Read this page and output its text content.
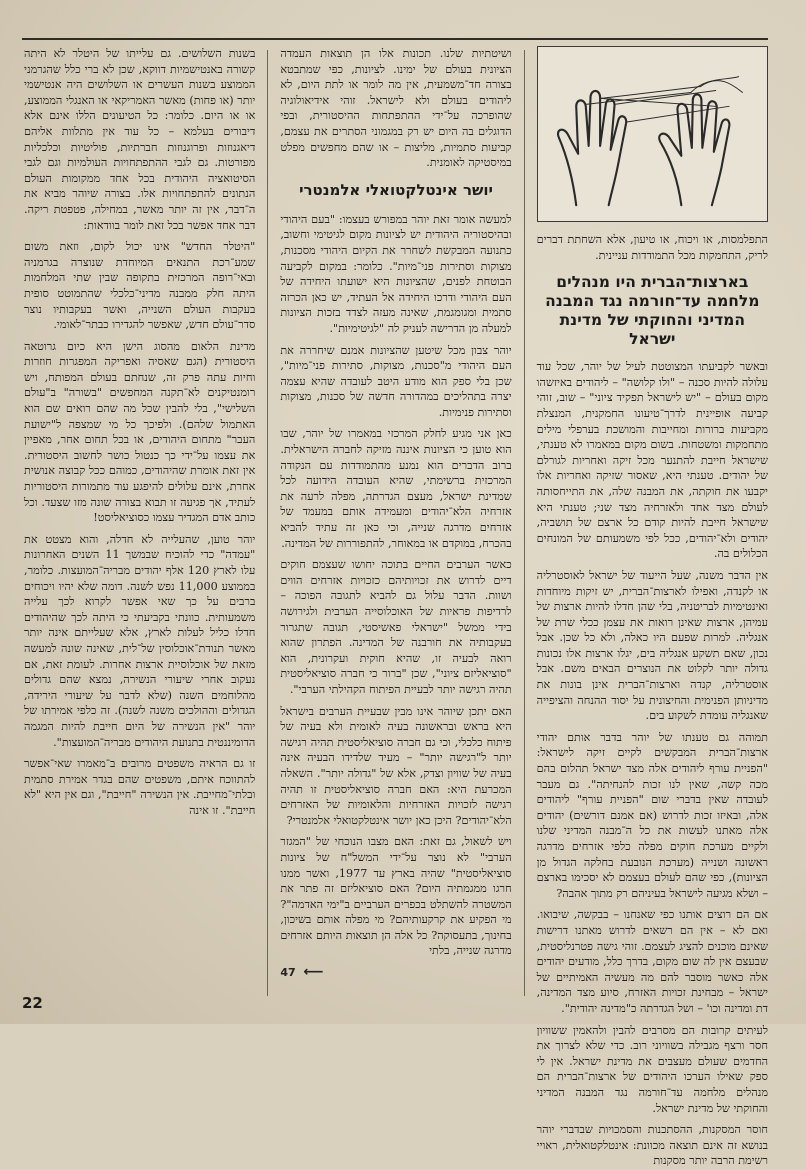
התפלמסות, או ויכוח, או טיעון, אלא השחתת דברים לריק, התחמקות מכל התמודדות עניינית.

בארצות־הברית היו מנהלים מלחמה עד־חורמה נגד המבנה המדיני והחוקתי של מדינת ישראל

ובאשר לקביעתו המצוטטת לעיל של יוהר, שכל עוד עלולה להיות סכנה – "ולו קלושה" – ליהודים באיזשהו מקום בעולם – "יש לישראל תפקיד ציוני" – שוב, זוהי קביעה אופיינית לדרך־טיעונו החמקנית, המנצלת מקביעות ברורות ומחייבות והמושכת בערפלי מילים מתחמקות ומשטחות. בשום מקום במאמרו לא טענתי, שישראל חייבת להתנער מכל זיקה ואחריות לגורלם של יהודים. טענתי היא, שאסור שזיקה ואחריות אלו יקבעו את חוקתה, את המבנה שלה, את התייחסותה לעולם מצד אחד ולאזרחיה מצד שני; טענתי היא שישראל חייבת להיות קודם כל ארצם של תושביה, יהודים ולא־יהודים, ככל לפי משמעותם של המונחים הכלולים בה.

אין הדבר משנה, שעל הייעוד של ישראל לאוסטרליה או לקנדה, ואפילו לארצות־הברית, יש זיקות מיוחדות ואינטימיות לבריטניה, בלי שהן חדלו להיות ארצות של עמיהן, ארצות שאינן רואות את עצמן ככלי שרת של אנגליה. למרות שפעם היו כאלה, ולא כל שכן. אבל נכון, שאם תשקע אנגליה בים, יגלו ארצות אלו נכונות גדולה יותר לקלוט את הנוצרים הבאים משם. אבל אוסטרליה, קנדה וארצות־הברית אינן בונות את מדיניותן הפנימית והחיצונית על יסוד ההנחה והציפייה שאנגליה עומדת לשקוע בים.

תמוהה גם טענתו של יוהר בדבר אותם יהודי ארצות־הברית המבקשים לקיים זיקה לישראל: "הפניית עורף ליהודים אלה מצד ישראל תהלום בהם מכה קשה, שאין לנו זכות להנחיתה". גם מעבר לעובדה שאין בדברי שום "הפניית עורף" ליהודים אלה, ובאיזו זכות לדרוש (אם אמנם דורשים) יהודים אלה מאתנו לעשות את כל ה־מבנה המדיני שלנו ולקיים מערכת חוקים מפלה כלפי אזרחים מדרגה ראשונה ושנייה (מערכת הנובעת בחלקה הגדול מן הציונות), כפי שהם לעולם בעצמם לא יסכימו בארצם – ושלא מגיעה לישראל בעיניהם רק מתוך אהבה?

אם הם רוצים אותנו כפי שאנחנו – בבקשה, שיבואו. ואם לא – אין הם רשאים לדרוש מאתנו דרישות שאינם מוכנים להציג לעצמם. זוהי גישה פטרנליסטית, שבעצם אין לה שום מקום, בדרך כלל, מודעים יהודים אלה כאשר מוסבר להם מה מעשיה האמיתיים של ישראל – מבחינת זכויות האזרח, סיוע מצד המדינה, דת ומדינה וכו' – ושל הגדרתה כ"מדינה יהודית".

לעיתים קרובות הם מסרבים להבין ולהאמין ששוויון חסר ורצף מגבילה בשוויוני רוב. כדי שלא לצרוך את החדמים שעולם מעצבים את מדינת ישראל. אין לי ספק שאילו הערכו היהודים של ארצות־הברית הם מנהלים מלחמה עד־חורמה נגד המבנה המדיני והחוקתי של מדינת ישראל.

חוסר המסקנות, ההסתכנות והסמכויות שבדברי יוהר בנושא זה אינם תוצאה מכוונת: אינטלקטואלית, ראויי רשימת הרבה יותר מסקנות

ושיטתיות שלנו. תכונות אלו הן תוצאות העמדה הציונית בעולם של ימינו. לציונות, כפי שמתבטא בצורה חד־משמעית, אין מה לומר או לתת היום, לא ליהודים בעולם ולא לישראל. זוהי אידיאולוגיה שהופרכה על־ידי ההתפתחות ההיסטורית, ובפי הדוגלים בה היום יש רק במגמוני הסתרים את עצמם, קביעות סתמיות, מליצות – או שהם מחפשים מפלט במיסטיקה לאומנית.

יושר אינטלקטואלי אלמנטרי

למעשה אומר זאת יוהר במפורש בעצמו: "בעם היהודי ובהיסטוריה היהודית יש לציונות מקום לגיטימי וחשוב, כתנועה המבקשת לשחרר את הקיום היהודי מסכנות, מצוקות וסתירות פני־מיות". כלומר: במקום לקביעה הבוטחת לפנים, שהציונות היא ישועתו היחידה של העם היהודי ודרכו היחידה אל העתיד, יש כאן הכרזה סתמית ומגומגמת, שאינה מעזה לצדד בזכות הציונות למעלה מן הדרישה לעניק לה "לגיטימיות".

יוהר צבון מכל שיטען שהציונות אמנם שיחררה את העם היהודי מ"סכנות, מצוקות, סתירות פני־מיות", שכן בלי ספק הוא מודע היטב לעובדה שהיא עצמה יצרה בתהליכים במהדורה חדשה של סכנות, מצוקות וסתירות פנימיות.

כאן אני מגיע לחלק המרכזי במאמרו של יוהר, שבו הוא טוען כי הציונות איננה מזיקה לחברה הישראלית. ברוב הדברים הוא נמנע מהתמודדות עם הנקודה המרכזית ברשימתי, שהיא העובדה הידועה לכל שמדינת ישראל, מעצם הגדרתה, מפלה לרעה את אזרחיה הלא־יהודים ומעמידה אותם במעמד של אזרחים מדרגה שנייה, וכי כאן זה עתיד להביא בהכרח, במוקדם או במאוחר, להתפוררות של המדינה.

כאשר הערבים החיים בתוכה יחושו שעצמם חוקים דיים לדרוש את זכויותיהם כזכויות אזרחים הווים ושוות. הדבר עלול גם להביא לתגובה הפוכה – לרדיפות פראיות של האוכלוסייה הערבית ולגירושה בידי ממשל "ישראלי פאשיסטי, תגובה שתגרור בעקבותיה את חורבנה של המדינה. הפתרון שהוא רואה לבעיה זו, שהיא חוקית ועקרונית, הוא "סוציאליזם ציוני", שכן "ברור כי חברה סוציאליסטית תהיה רגישה יותר לבעיית הפיתוח הקהילתי הערבי".

האם יתכן שיוהר אינו מבין שבעיית הערבים בישראל היא בראש ובראשונה בעיה לאומית ולא בעיה של פיתוח כלכלי, וכי גם חברה סוציאליסטית תהיה רגישה יותר ל"רגישה יותר" – מעיד שלדידו הבעיה אינה בעיה של שוויון וצדק, אלא של "גדולה יותר". השאלה המכרעת היא: האם חברה סוציאליסטית זו תהיה רגישה לזכויות האזרחיות והלאומיות של האזרחים הלא־יהודים? היכן כאן יושר אינטלקטואלי אלמנטרי?

ויש לשאול, גם זאת: האם מצבו הנוכחי של "המגזר הערבי" לא נוצר על־ידי המשל"ח של ציונות סוציאליסטית" שהיה בארץ עד 1977, ואשר ממנו חרגו ממגמתיה היום? האם סוציאליזם זה פתר את המשטרה להשתלט בכפרים הערביים ב"ימי האדמה"? מי הפקיע את קרקעותיהם? מי מפלה אותם בשיכון, בחינוך, בתעסוקה? כל אלה הן תוצאות היותם אזרחים מדרגה שנייה, בלתי

47 ⟵

בשנות השלושים. גם עלייתו של היטלר לא היתה קשורה באנטישמיות דווקא, שכן לא ברי כלל שהגרמני הממוצע בשנות העשרים או השלושים היה אנטישמי יותר (או פחות) מאשר האמריקאי או האנגלי הממוצע, או או היום. כלומר: כל הטיעונים הללו אינם אלא דיבורים בעלמא – כל עוד אין מתלוות אליהם דיאגנוזות ופרוגנוזות חברתיות, פוליטיות וכלכליות מפורטות. גם לגבי ההתפתחויות העולמיות וגם לגבי הסיטואציה היהודית בכל אחד ממקומות העולם הנתונים להתפתחויות אלו. בצורה שיוהר מביא את ה־דבר, אין זה יותר מאשר, במחילה, פטפטת ריקה. דבר אחד אפשר בכל זאת לומר בוודאות:

"היטלר החדש" אינו יכול לקום, וזאת משום שמע־רכת התנאים המיוחדת שנוצרה בגרמניה ובאי־רופה המרכזית בתקופה שבין שתי המלחמות היתה חלק ממבנה מדיני־כלכלי שהתמוטט סופית בעקבות העולם השנייה, ואשר בעקבותיו נוצר סדר־עולם חדש, שאפשר להגדירו כבתר־לאומי.

מדינת הלאום מהסוג הישן היא כיום גרוטאה היסטורית (הגם שאסיה ואפריקה המפגרות חוזרות וחיות עתה פרק זה, שנחתם בעולם המפותח, ויש רומנטיקנים לא־תקנה המחפשים "בשורה" ב"עולם השלישי", בלי להבין שכל מה שהם רואים שם הוא האתמול שלהם). ולפיכך כל מי שמצפה ל"ישועת העבר" מתחום היהודים, או בכל תחום אחר, מאפיין את עצמו על־ידי כך כנטול כושר לחשוב היסטורית. אין זאת אומרת שהיהודים, כמוהם ככל קבוצה אנושית אחרת, אינם עלולים להיפגע עוד מתמורות היסטוריות לעתיד, אך פגיעה זו תבוא בצורה שונה מזו שצעד. וכל כותב אדם המגדיר עצמו כסוציאליסט!

יוהר טוען, שהעלייה לא חדלה, והוא מצטט את "עמדה" כדי להוכיח שבמשך 11 השנים האחרונות עלו לארץ 120 אלף יהודים מבריה־המועצות. כלומר, בממוצע 11,000 נפש לשנה. דומה שלא יהיו ויכוחים ברבים על כך שאי אפשר לקרוא לכך עלייה משמעותית. כוונתי בקביעתי כי היתה לכך שהיהודים חדלו כליל לעלות לארץ, אלא שעלייתם אינה יותר מאשר תנודת־אוכלוסין של־לית, שאינה שונה למעשה מזאת של אוכלוסיית ארצות אחרות. לעומת זאת, אם נעקוב אחרי שיעורי הנשירה, נמצא שהם גדולים מהלוחמים השנה (שלא לדבר על שיעורי הירידה, הגדולים וההולכים משנה לשנה). זה כלפי אמירתו של יוהר "אין הנשירה של היום חייבת להיות המגמה הדומיננטית בתנועת היהודים מבריה־המועצות".

זו גם הראיה משפטים מרובים ב־מאמרו שאי־אפשר להתווכח איתם, משפטים שהם בגדר אמירת סתמית ובלתי־מחייבת. אין הנשירה "חייבת", וגם אין היא "לא חייבת". זו אינה

22
